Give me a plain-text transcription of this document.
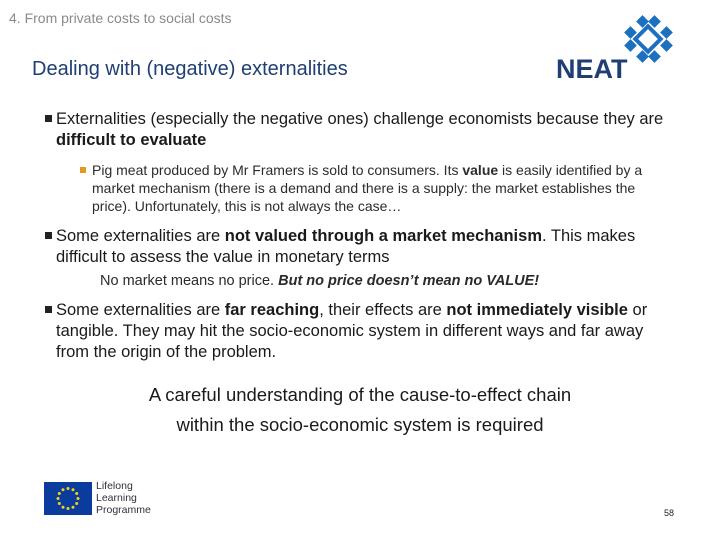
4. From private costs to social costs
Dealing with (negative) externalities	NEAT
Externalities (especially the negative ones) challenge economists because they are difficult to evaluate
Pig meat produced by Mr Framers is sold to consumers. Its value is easily identified by a market mechanism (there is a demand and there is a supply: the market establishes the price). Unfortunately, this is not always the case…
Some externalities are not valued through a market mechanism. This makes difficult to assess the value in monetary terms
No market means no price. But no price doesn’t mean no VALUE!
Some externalities are far reaching, their effects are not immediately visible or tangible. They may hit the socio-economic system in different ways and far away from the origin of the problem.
A careful understanding of the cause-to-effect chain
within the socio-economic system is required
Lifelong
Learning
Programme	58
